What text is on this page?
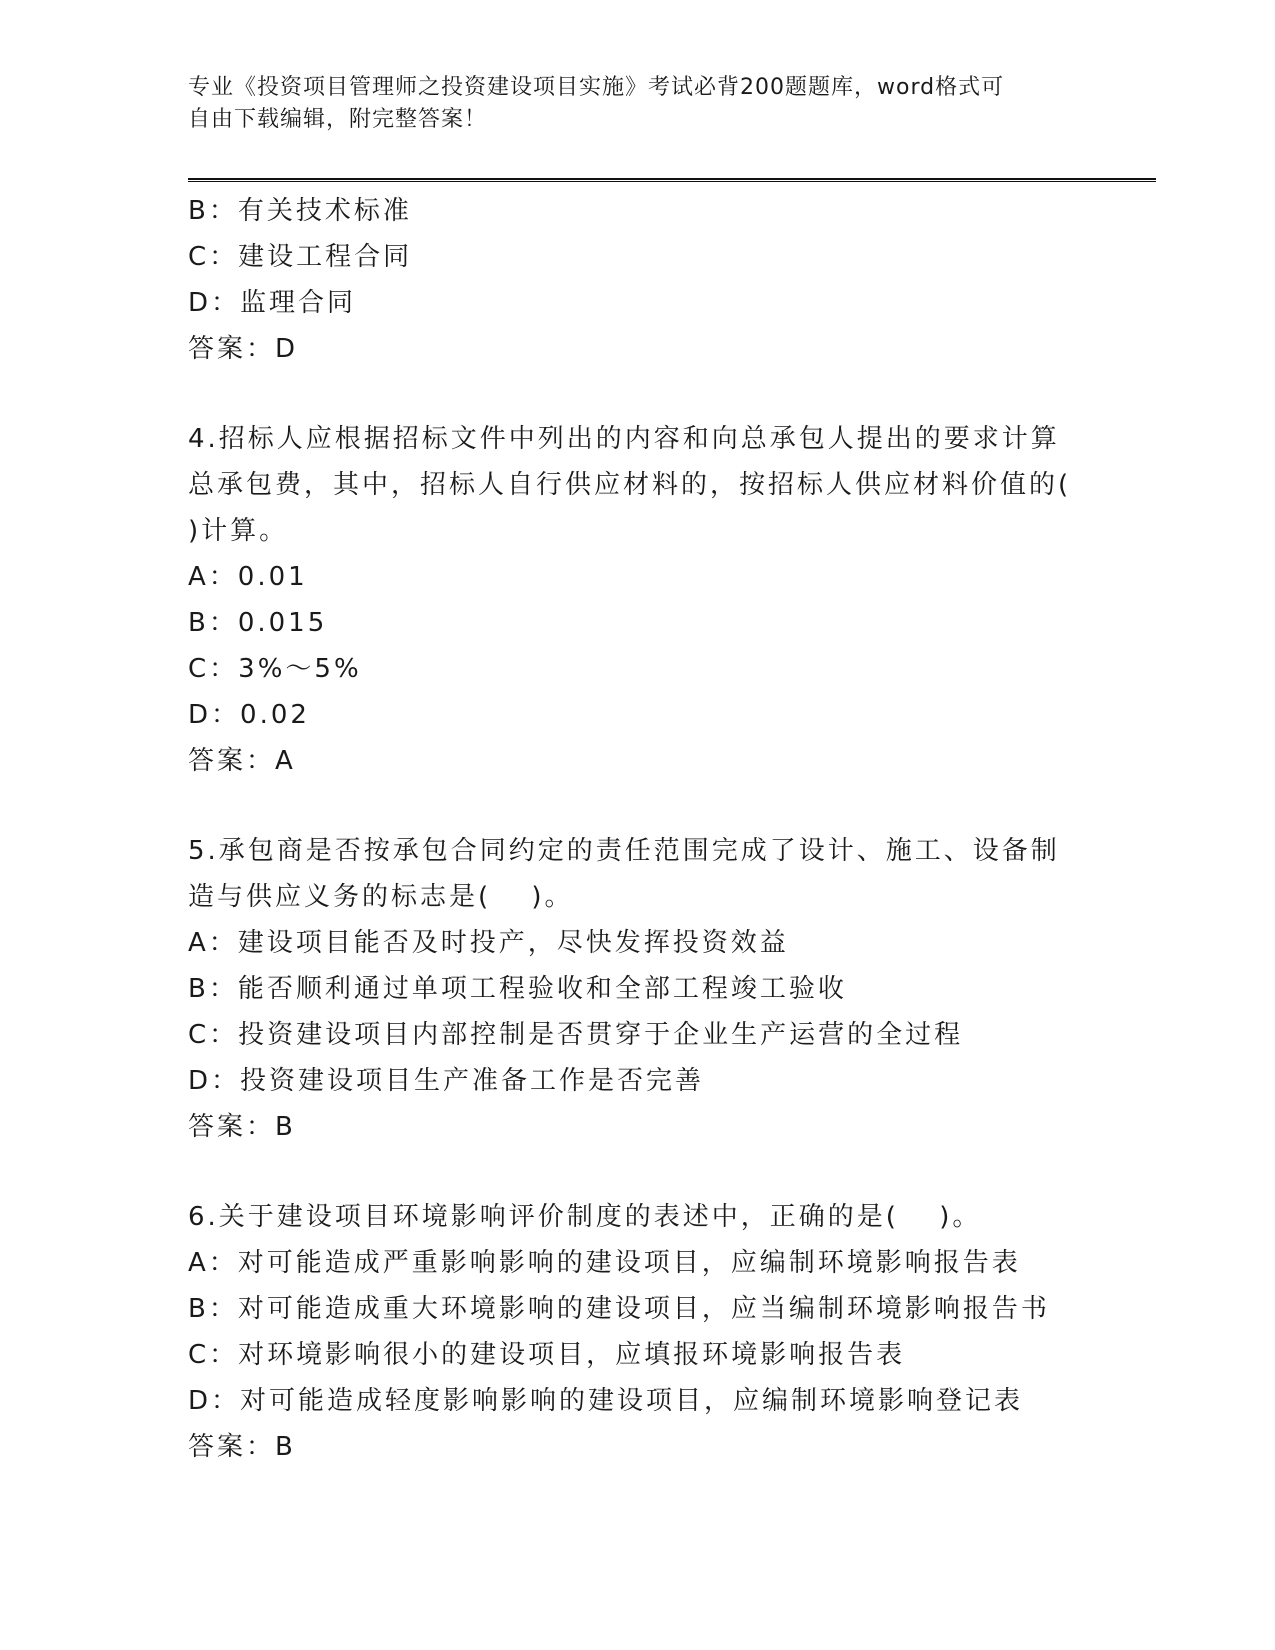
专业《投资项目管理师之投资建设项目实施》考试必背200题题库，word格式可
自由下载编辑，附完整答案！
B：有关技术标准
C：建设工程合同
D：监理合同
答案：D
4.招标人应根据招标文件中列出的内容和向总承包人提出的要求计算
总承包费，其中，招标人自行供应材料的，按招标人供应材料价值的(
)计算。
A：0.01
B：0.015
C：3%～5%
D：0.02
答案：A
5.承包商是否按承包合同约定的责任范围完成了设计、施工、设备制
造与供应义务的标志是(　 )。
A：建设项目能否及时投产，尽快发挥投资效益
B：能否顺利通过单项工程验收和全部工程竣工验收
C：投资建设项目内部控制是否贯穿于企业生产运营的全过程
D：投资建设项目生产准备工作是否完善
答案：B
6.关于建设项目环境影响评价制度的表述中，正确的是(　 )。
A：对可能造成严重影响影响的建设项目，应编制环境影响报告表
B：对可能造成重大环境影响的建设项目，应当编制环境影响报告书
C：对环境影响很小的建设项目，应填报环境影响报告表
D：对可能造成轻度影响影响的建设项目，应编制环境影响登记表
答案：B
